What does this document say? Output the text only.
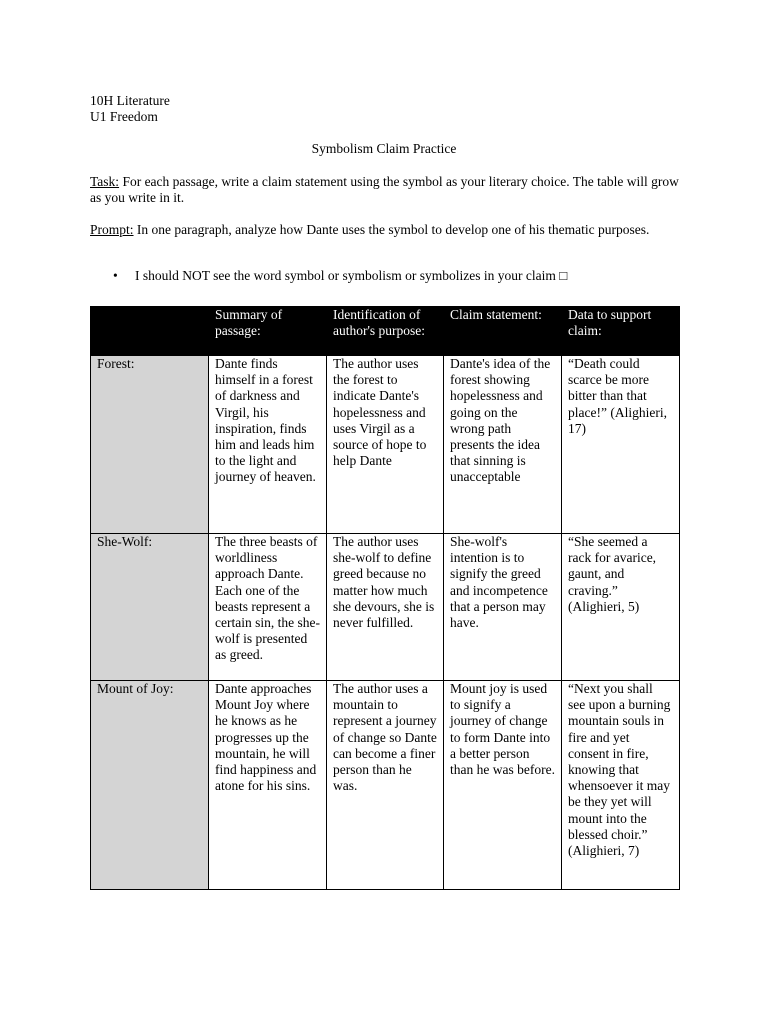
10H Literature
U1 Freedom
Symbolism Claim Practice
Task: For each passage, write a claim statement using the symbol as your literary choice. The table will grow as you write in it.
Prompt: In one paragraph, analyze how Dante uses the symbol to develop one of his thematic purposes.
• I should NOT see the word symbol or symbolism or symbolizes in your claim □
	Summary of passage:	Identification of author's purpose:	Claim statement:	Data to support claim:
Forest:	Dante finds himself in a forest of darkness and Virgil, his inspiration, finds him and leads him to the light and journey of heaven.	The author uses the forest to indicate Dante's hopelessness and uses Virgil as a source of hope to help Dante	Dante's idea of the forest showing hopelessness and going on the wrong path presents the idea that sinning is unacceptable	“Death could scarce be more bitter than that place!” (Alighieri, 17)
She-Wolf:	The three beasts of worldliness approach Dante. Each one of the beasts represent a certain sin, the she-wolf is presented as greed.	The author uses she-wolf to define greed because no matter how much she devours, she is never fulfilled.	She-wolf's intention is to signify the greed and incompetence that a person may have.	“She seemed a rack for avarice, gaunt, and craving.” (Alighieri, 5)
Mount of Joy:	Dante approaches Mount Joy where he knows as he progresses up the mountain, he will find happiness and atone for his sins.	The author uses a mountain to represent a journey of change so Dante can become a finer person than he was.	Mount joy is used to signify a journey of change to form Dante into a better person than he was before.	“Next you shall see upon a burning mountain souls in fire and yet consent in fire, knowing that whensoever it may be they yet will mount into the blessed choir.” (Alighieri, 7)
